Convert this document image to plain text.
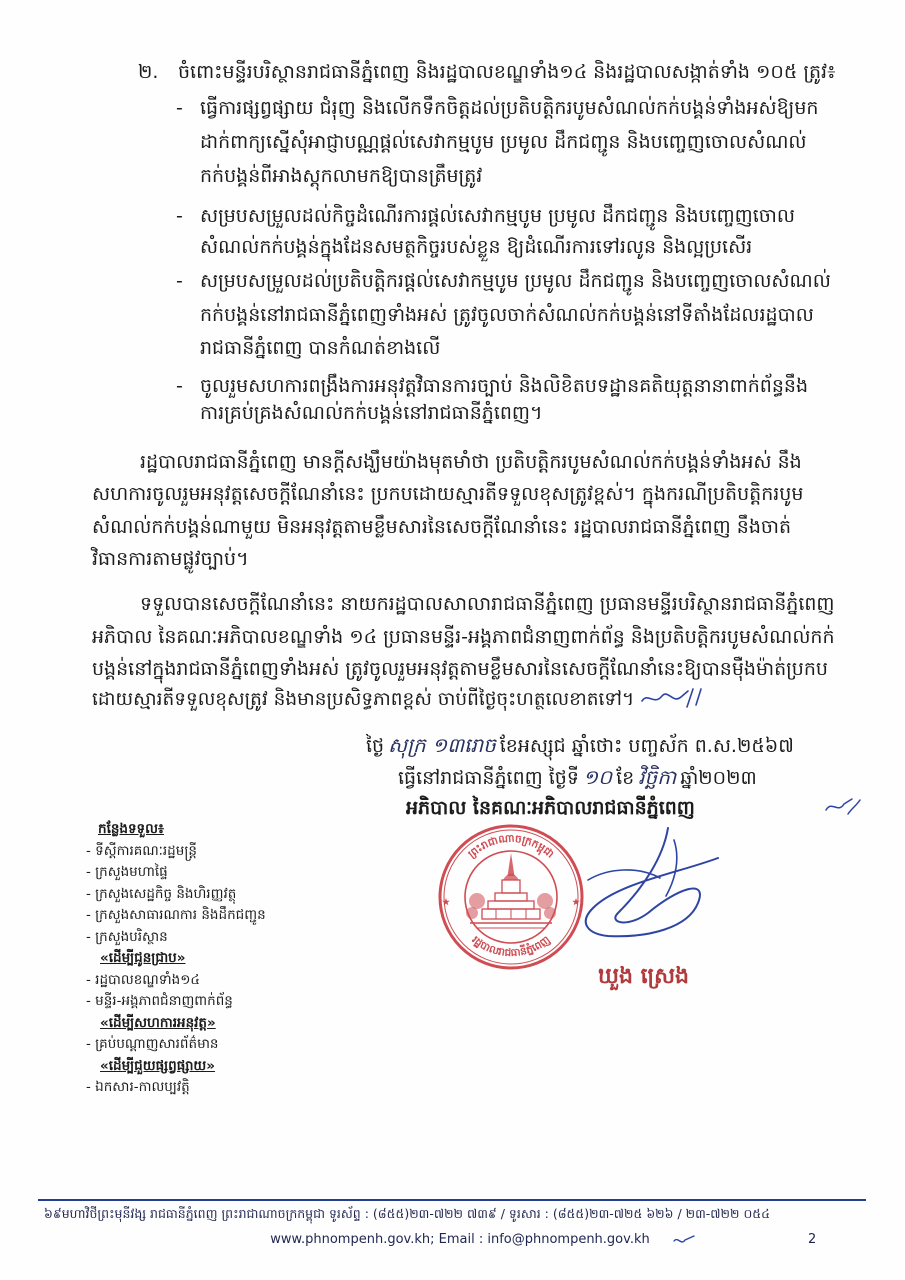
២.	ចំពោះមន្ទីរបរិស្ថានរាជធានីភ្នំពេញ និងរដ្ឋបាលខណ្ឌទាំង១៤ និងរដ្ឋបាលសង្កាត់ទាំង ១០៥ ត្រូវ៖
- ធ្វើការផ្សព្វផ្សាយ ជំរុញ និងលើកទឹកចិត្តដល់ប្រតិបត្តិករបូមសំណល់កក់បង្គន់ទាំងអស់ឱ្យមក
ដាក់ពាក្យស្នើសុំអាជ្ញាបណ្ណផ្តល់សេវាកម្មបូម ប្រមូល ដឹកជញ្ជូន និងបញ្ចេញចោលសំណល់
កក់បង្គន់ពីអាងស្តុកលាមកឱ្យបានត្រឹមត្រូវ
- សម្របសម្រួលដល់កិច្ចដំណើរការផ្តល់សេវាកម្មបូម ប្រមូល ដឹកជញ្ជូន និងបញ្ចេញចោល
សំណល់កក់បង្គន់ក្នុងដែនសមត្ថកិច្ចរបស់ខ្លួន ឱ្យដំណើរការទៅរលូន និងល្អប្រសើរ
- សម្របសម្រួលដល់ប្រតិបត្តិករផ្តល់សេវាកម្មបូម ប្រមូល ដឹកជញ្ជូន និងបញ្ចេញចោលសំណល់
កក់បង្គន់នៅរាជធានីភ្នំពេញទាំងអស់ ត្រូវចូលចាក់សំណល់កក់បង្គន់នៅទីតាំងដែលរដ្ឋបាល
រាជធានីភ្នំពេញ បានកំណត់ខាងលើ
- ចូលរួមសហការពង្រឹងការអនុវត្តវិធានការច្បាប់ និងលិខិតបទដ្ឋានគតិយុត្តនានាពាក់ព័ន្ធនឹង
ការគ្រប់គ្រងសំណល់កក់បង្គន់នៅរាជធានីភ្នំពេញ។
រដ្ឋបាលរាជធានីភ្នំពេញ មានក្តីសង្ឃឹមយ៉ាងមុតមាំថា ប្រតិបត្តិករបូមសំណល់កក់បង្គន់ទាំងអស់ នឹង
សហការចូលរួមអនុវត្តសេចក្តីណែនាំនេះ ប្រកបដោយស្មារតីទទួលខុសត្រូវខ្ពស់។ ក្នុងករណីប្រតិបត្តិករបូម
សំណល់កក់បង្គន់ណាមួយ មិនអនុវត្តតាមខ្លឹមសារនៃសេចក្តីណែនាំនេះ រដ្ឋបាលរាជធានីភ្នំពេញ នឹងចាត់
វិធានការតាមផ្លូវច្បាប់។
ទទួលបានសេចក្តីណែនាំនេះ នាយករដ្ឋបាលសាលារាជធានីភ្នំពេញ ប្រធានមន្ទីរបរិស្ថានរាជធានីភ្នំពេញ
អភិបាល នៃគណៈអភិបាលខណ្ឌទាំង ១៤ ប្រធានមន្ទីរ-អង្គភាពជំនាញពាក់ព័ន្ធ និងប្រតិបត្តិករបូមសំណល់កក់
បង្គន់នៅក្នុងរាជធានីភ្នំពេញទាំងអស់ ត្រូវចូលរួមអនុវត្តតាមខ្លឹមសារនៃសេចក្តីណែនាំនេះឱ្យបានម៉ឺងម៉ាត់ប្រកប
ដោយស្មារតីទទួលខុសត្រូវ និងមានប្រសិទ្ធភាពខ្ពស់ ចាប់ពីថ្ងៃចុះហត្ថលេខាតទៅ។
ថ្ងៃ សុក្រ ១៣រោច ខែអស្សុជ ឆ្នាំថោះ បញ្ចស័ក ព.ស.២៥៦៧
ធ្វើនៅរាជធានីភ្នំពេញ ថ្ងៃទី ១០ ខែ វិច្ឆិកា ឆ្នាំ២០២៣
អភិបាល នៃគណៈអភិបាលរាជធានីភ្នំពេញ
កន្លែងទទួល៖
- ទីស្តីការគណៈរដ្ឋមន្ត្រី
- ក្រសួងមហាផ្ទៃ
- ក្រសួងសេដ្ឋកិច្ច និងហិរញ្ញវត្ថុ
- ក្រសួងសាធារណការ និងដឹកជញ្ជូន
- ក្រសួងបរិស្ថាន
«ដើម្បីជូនជ្រាប»
- រដ្ឋបាលខណ្ឌទាំង១៤
- មន្ទីរ-អង្គភាពជំនាញពាក់ព័ន្ធ
«ដើម្បីសហការអនុវត្ត»
- គ្រប់បណ្តាញសារព័ត៌មាន
«ដើម្បីជួយផ្សព្វផ្សាយ»
- ឯកសារ-កាលប្បវត្តិ
ព្រះរាជាណាចក្រកម្ពុជា
រដ្ឋបាលរាជធានីភ្នំពេញ
ឃួង ស្រេង
៦៩មហាវិថីព្រះមុនីវង្ស រាជធានីភ្នំពេញ ព្រះរាជាណាចក្រកម្ពុជា ទូរស័ព្ទ : (៨៥៥)២៣-៧២២ ៧៣៩ / ទូរសារ : (៨៥៥)២៣-៧២៥ ៦២៦ / ២៣-៧២២ ០៥៤
www.phnompenh.gov.kh; Email : info@phnompenh.gov.kh	2
